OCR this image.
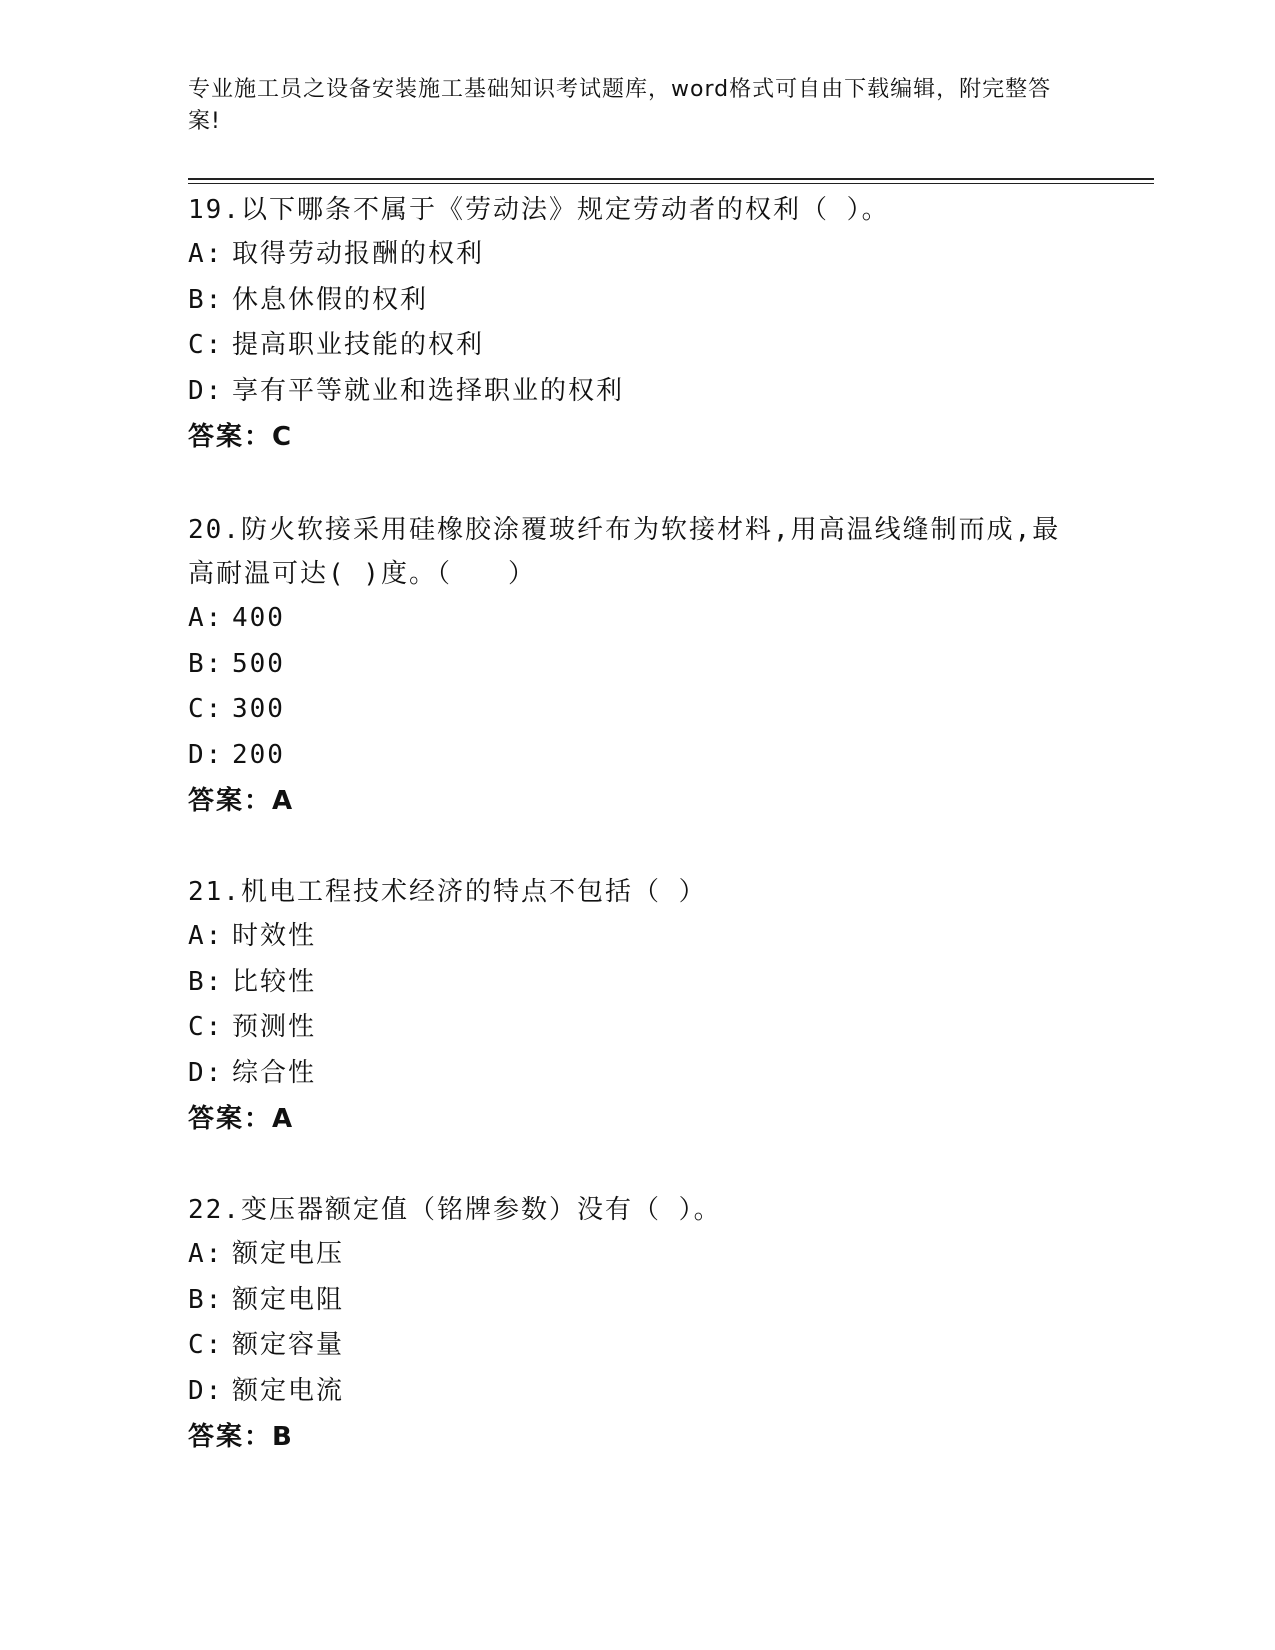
专业施工员之设备安装施工基础知识考试题库，word格式可自由下载编辑，附完整答案!

19.以下哪条不属于《劳动法》规定劳动者的权利（ ）。

A: 取得劳动报酬的权利

B: 休息休假的权利

C: 提高职业技能的权利

D: 享有平等就业和选择职业的权利

答案：C

20.防火软接采用硅橡胶涂覆玻纤布为软接材料,用高温线缝制而成,最高耐温可达( )度。（　　）

A: 400

B: 500

C: 300

D: 200

答案：A

21.机电工程技术经济的特点不包括（ ）

A: 时效性

B: 比较性

C: 预测性

D: 综合性

答案：A

22.变压器额定值（铭牌参数）没有（ ）。

A: 额定电压

B: 额定电阻

C: 额定容量

D: 额定电流

答案：B
